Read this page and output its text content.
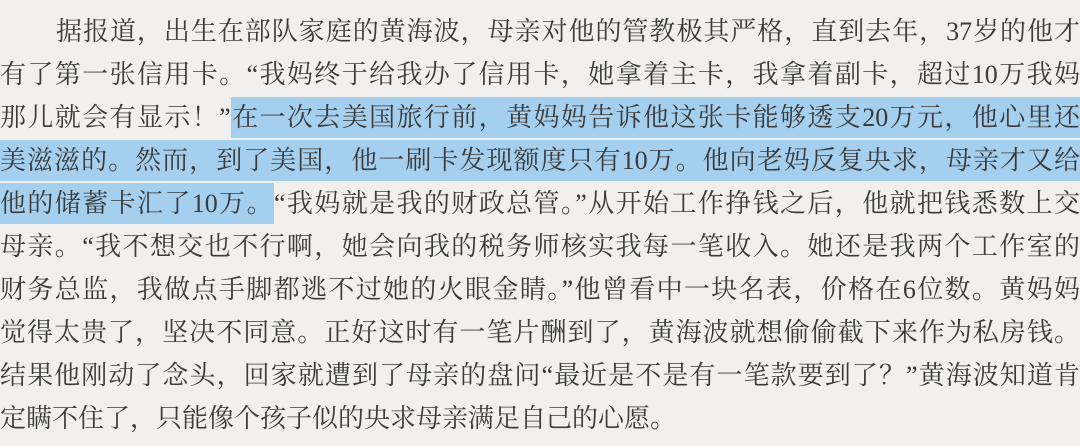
据报道，出生在部队家庭的黄海波，母亲对他的管教极其严格，直到去年，37岁的他才
有了第一张信用卡。“我妈终于给我办了信用卡，她拿着主卡，我拿着副卡，超过10万我妈
那儿就会有显示！”在一次去美国旅行前，黄妈妈告诉他这张卡能够透支20万元，他心里还
美滋滋的。然而，到了美国，他一刷卡发现额度只有10万。他向老妈反复央求，母亲才又给
他的储蓄卡汇了10万。“我妈就是我的财政总管。”从开始工作挣钱之后，他就把钱悉数上交
母亲。“我不想交也不行啊，她会向我的税务师核实我每一笔收入。她还是我两个工作室的
财务总监，我做点手脚都逃不过她的火眼金睛。”他曾看中一块名表，价格在6位数。黄妈妈
觉得太贵了，坚决不同意。正好这时有一笔片酬到了，黄海波就想偷偷截下来作为私房钱。
结果他刚动了念头，回家就遭到了母亲的盘问“最近是不是有一笔款要到了？”黄海波知道肯
定瞒不住了，只能像个孩子似的央求母亲满足自己的心愿。
